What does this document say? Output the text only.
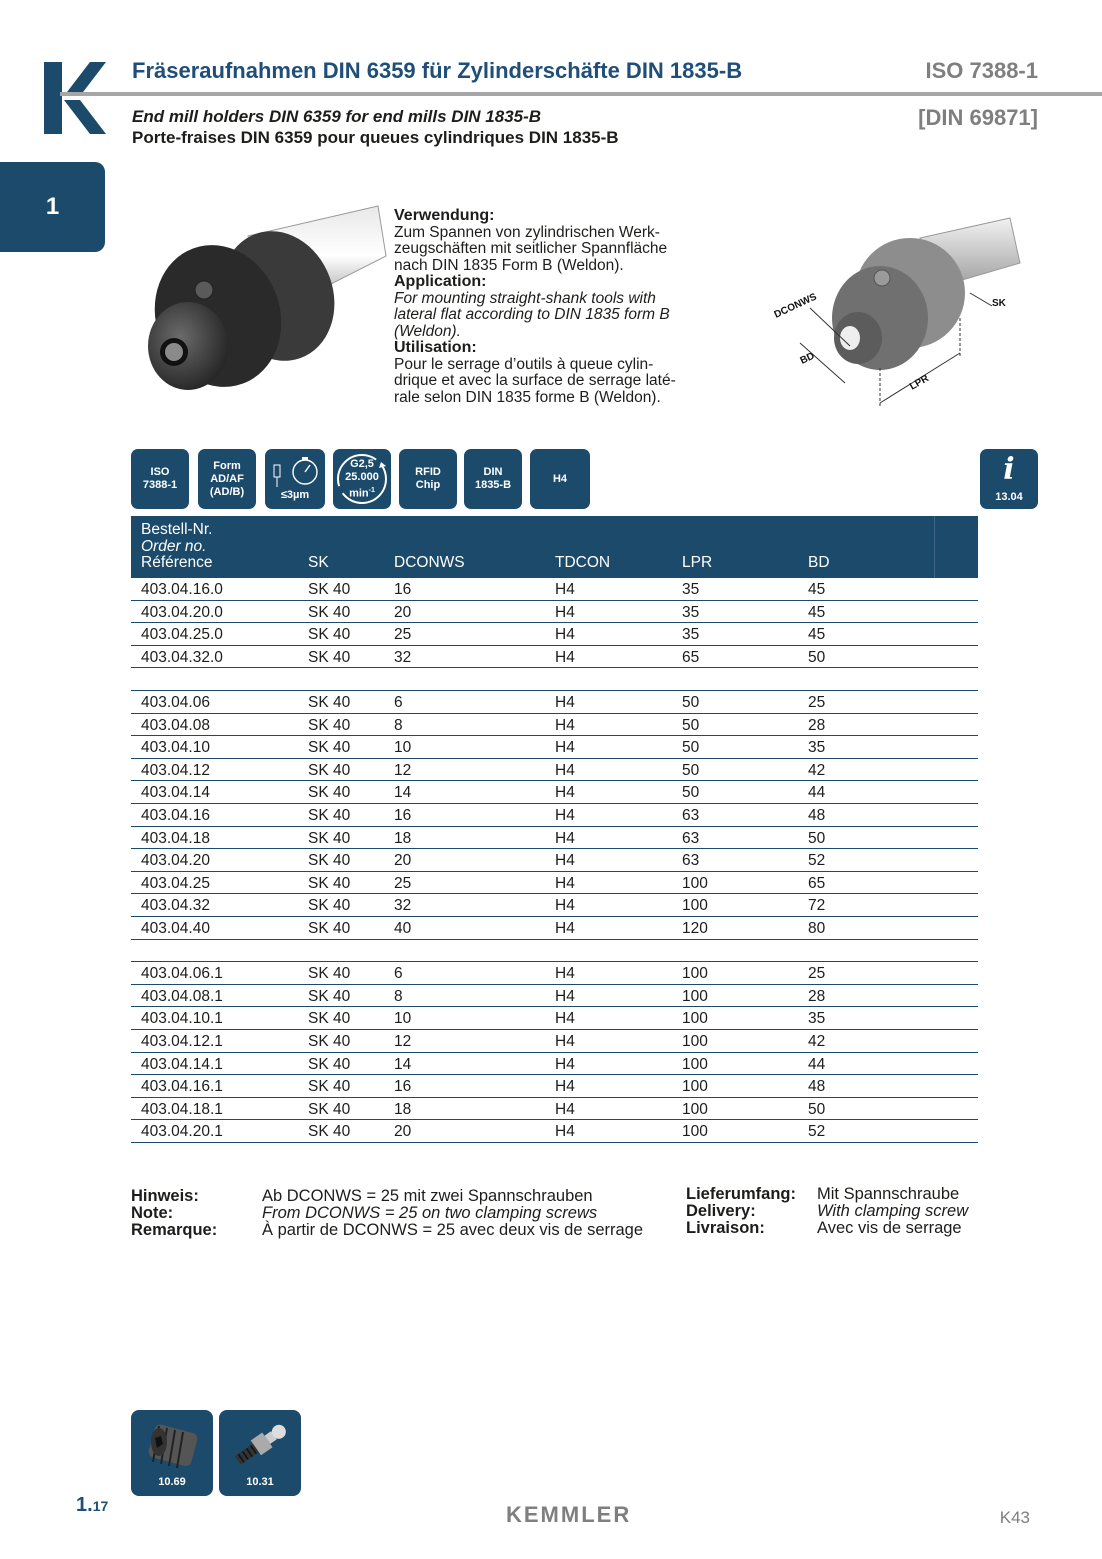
Fräseraufnahmen DIN 6359 für Zylinderschäfte DIN 1835-B	ISO 7388-1
End mill holders DIN 6359 for end mills DIN 1835-B	[DIN 69871]
Porte-fraises DIN 6359 pour queues cylindriques DIN 1835-B
1	Verwendung:
Zum Spannen von zylindrischen Werk-
zeugschäften mit seitlicher Spannfläche
nach DIN 1835 Form B (Weldon).
Application:
For mounting straight-shank tools with
lateral flat according to DIN 1835 form B
(Weldon).
Utilisation:
Pour le serrage d’outils à queue cylin-
drique et avec la surface de serrage laté-
rale selon DIN 1835 forme B (Weldon).
DCONWS	SK
BD
LPR
ISO
7388-1
Form
AD/AF
(AD/B)	≤3µm
G2,5
25.000
$\min^{-1}$
RFID
Chip
DIN
1835-B
H4	i
13.04
Bestell-Nr.
Order no.
Référence	SK	DCONWS	TDCON	LPR	BD
403.04.16.0	SK 40	16	H4	35	45
403.04.20.0	SK 40	20	H4	35	45
403.04.25.0	SK 40	25	H4	35	45
403.04.32.0	SK 40	32	H4	65	50
403.04.06	SK 40	6	H4	50	25
403.04.08	SK 40	8	H4	50	28
403.04.10	SK 40	10	H4	50	35
403.04.12	SK 40	12	H4	50	42
403.04.14	SK 40	14	H4	50	44
403.04.16	SK 40	16	H4	63	48
403.04.18	SK 40	18	H4	63	50
403.04.20	SK 40	20	H4	63	52
403.04.25	SK 40	25	H4	100	65
403.04.32	SK 40	32	H4	100	72
403.04.40	SK 40	40	H4	120	80
403.04.06.1	SK 40	6	H4	100	25
403.04.08.1	SK 40	8	H4	100	28
403.04.10.1	SK 40	10	H4	100	35
403.04.12.1	SK 40	12	H4	100	42
403.04.14.1	SK 40	14	H4	100	44
403.04.16.1	SK 40	16	H4	100	48
403.04.18.1	SK 40	18	H4	100	50
403.04.20.1	SK 40	20	H4	100	52
Hinweis:
Note:
Remarque:
Ab DCONWS = 25 mit zwei Spannschrauben
From DCONWS = 25 on two clamping screws
À partir de DCONWS = 25 avec deux vis de serrage
Lieferumfang:
Delivery:
Livraison:
Mit Spannschraube
With clamping screw
Avec vis de serrage
10.69	10.31
1.17	KEMMLER	K43
